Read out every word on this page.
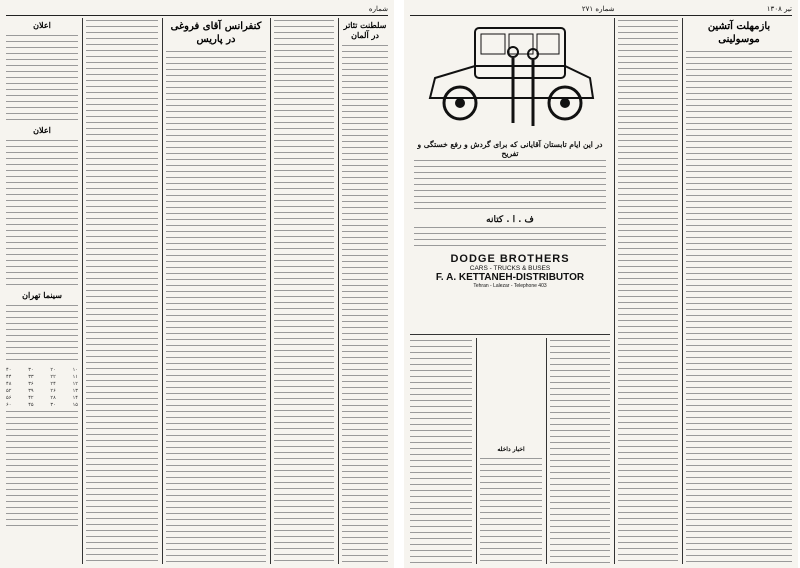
شماره
اعلان
اعلان
سینما تهران
۱۰
۲۰
۳۰
۴۰
۱۱
۲۲
۳۳
۴۴
۱۲
۲۴
۳۶
۴۸
۱۳
۲۶
۳۹
۵۲
۱۴
۲۸
۴۲
۵۶
۱۵
۳۰
۴۵
۶۰
کنفرانس آقای فروغی در پاریس
سلطنت تئاتر در آلمان
شماره ۲۷۱	تیر ۱۳۰۸
در این ایام تابستان آقایانی که برای گردش و رفع خستگی و تفریح
ف . ا . کتانه
DODGE BROTHERS
CARS - TRUCKS & BUSES
F. A. KETTANEH-DISTRIBUTOR
Tehran - Lalezar - Telephone 403
اخبار داخله
بازمهلت آتشین موسولینی
